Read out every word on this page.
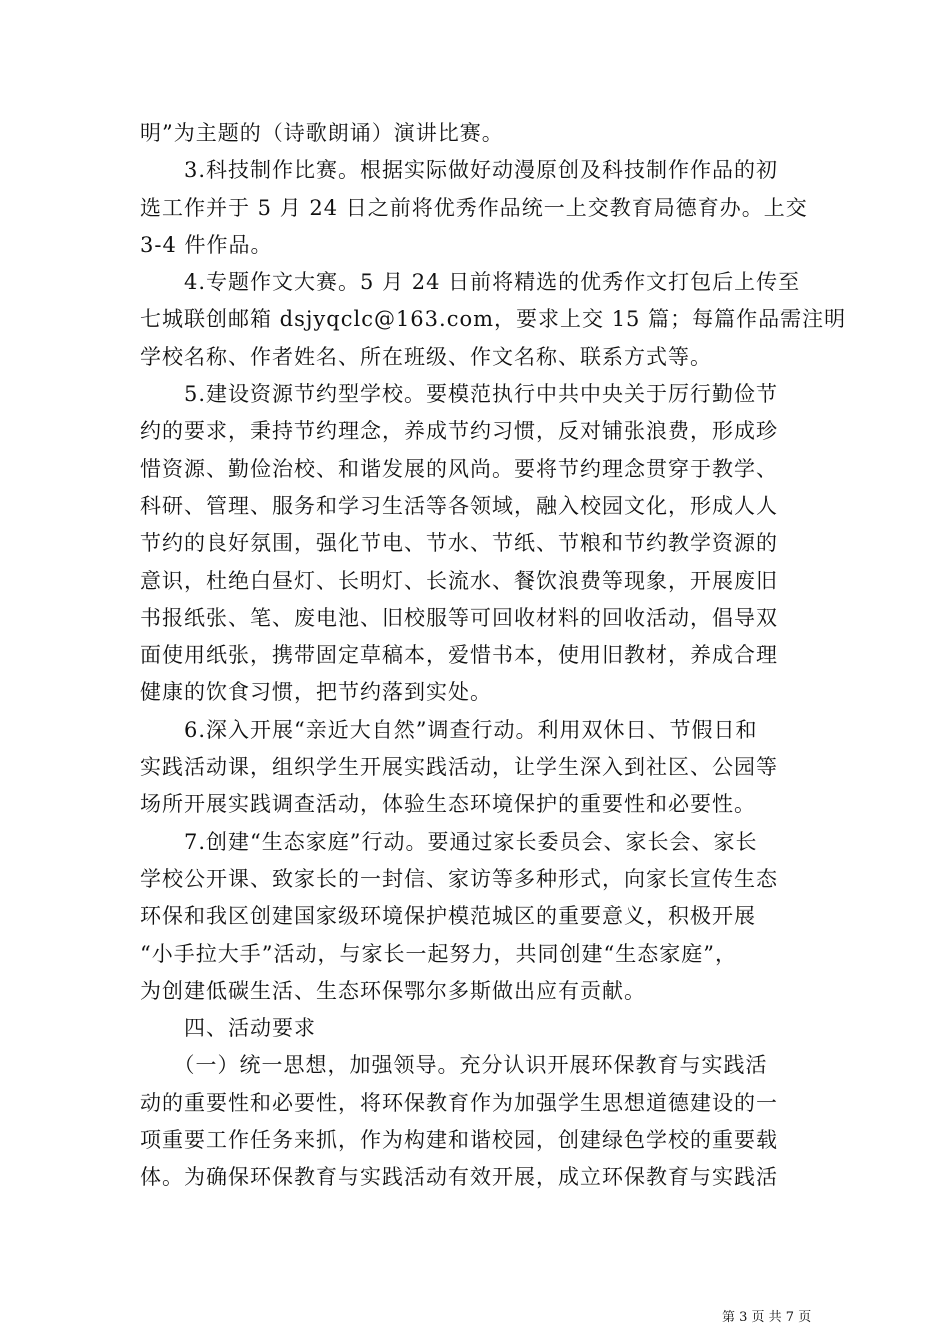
明”为主题的（诗歌朗诵）演讲比赛。
　　3.科技制作比赛。根据实际做好动漫原创及科技制作作品的初
选工作并于 5 月 24 日之前将优秀作品统一上交教育局德育办。上交
3-4 件作品。
　　4.专题作文大赛。5 月 24 日前将精选的优秀作文打包后上传至
七城联创邮箱 dsjyqclc@163.com，要求上交 15 篇；每篇作品需注明
学校名称、作者姓名、所在班级、作文名称、联系方式等。
　　5.建设资源节约型学校。要模范执行中共中央关于厉行勤俭节
约的要求，秉持节约理念，养成节约习惯，反对铺张浪费，形成珍
惜资源、勤俭治校、和谐发展的风尚。要将节约理念贯穿于教学、
科研、管理、服务和学习生活等各领域，融入校园文化，形成人人
节约的良好氛围，强化节电、节水、节纸、节粮和节约教学资源的
意识，杜绝白昼灯、长明灯、长流水、餐饮浪费等现象，开展废旧
书报纸张、笔、废电池、旧校服等可回收材料的回收活动，倡导双
面使用纸张，携带固定草稿本，爱惜书本，使用旧教材，养成合理
健康的饮食习惯，把节约落到实处。
　　6.深入开展“亲近大自然”调查行动。利用双休日、节假日和
实践活动课，组织学生开展实践活动，让学生深入到社区、公园等
场所开展实践调查活动，体验生态环境保护的重要性和必要性。
　　7.创建“生态家庭”行动。要通过家长委员会、家长会、家长
学校公开课、致家长的一封信、家访等多种形式，向家长宣传生态
环保和我区创建国家级环境保护模范城区的重要意义，积极开展
“小手拉大手”活动，与家长一起努力，共同创建“生态家庭”，
为创建低碳生活、生态环保鄂尔多斯做出应有贡献。
　　四、活动要求
　　（一）统一思想，加强领导。充分认识开展环保教育与实践活
动的重要性和必要性，将环保教育作为加强学生思想道德建设的一
项重要工作任务来抓，作为构建和谐校园，创建绿色学校的重要载
体。为确保环保教育与实践活动有效开展，成立环保教育与实践活
第 3 页 共 7 页
